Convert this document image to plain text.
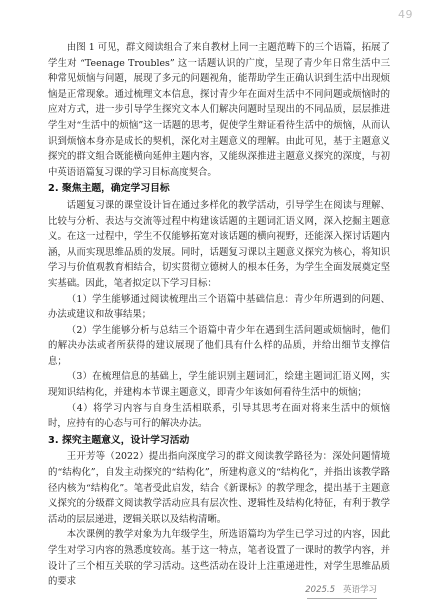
49

由图 1 可见，群文阅读组合了来自教材上同一主题范畴下的三个语篇，拓展了学生对 “Teenage Troubles” 这一话题认识的广度，呈现了青少年日常生活中三种常见烦恼与问题，展现了多元的问题视角，能帮助学生正确认识到生活中出现烦恼是正常现象。通过梳理文本信息，探讨青少年在面对生活中不同问题或烦恼时的应对方式，进一步引导学生探究文本人们解决问题时呈现出的不同品质，层层推进学生对“生活中的烦恼”这一话题的思考，促使学生辩证看待生活中的烦恼，从而认识到烦恼本身亦是成长的契机，深化对主题意义的理解。由此可见，基于主题意义探究的群文组合既能横向延伸主题内容，又能纵深推进主题意义探究的深度，与初中英语语篇复习课的学习目标高度契合。

2. 聚焦主题，确定学习目标

话题复习课的课堂设计旨在通过多样化的教学活动，引导学生在阅读与理解、比较与分析、表达与交流等过程中构建该话题的主题词汇语义网，深入挖掘主题意义。在这一过程中，学生不仅能够拓宽对该话题的横向视野，还能深入探讨话题内涵，从而实现思维品质的发展。同时，话题复习课以主题意义探究为核心，将知识学习与价值观教育相结合，切实贯彻立德树人的根本任务，为学生全面发展奠定坚实基础。因此，笔者拟定以下学习目标：

（1）学生能够通过阅读梳理出三个语篇中基础信息：青少年所遇到的问题、办法或建议和故事结果；

（2）学生能够分析与总结三个语篇中青少年在遇到生活问题或烦恼时，他们的解决办法或者所获得的建议展现了他们具有什么样的品质，并给出细节支撑信息；

（3）在梳理信息的基础上，学生能识别主题词汇，绘建主题词汇语义网，实现知识结构化，并建构本节课主题意义，即青少年该如何看待生活中的烦恼；

（4）将学习内容与自身生活相联系，引导其思考在面对将来生活中的烦恼时，应持有的心态与可行的解决办法。

3. 探究主题意义，设计学习活动

王开芳等（2022）提出指向深度学习的群文阅读教学路径为：深处问题情境的“结构化”，自发主动探究的“结构化”，所建构意义的“结构化”，并指出该教学路径内核为“结构化”。笔者受此启发，结合《新课标》的教学理念，提出基于主题意义探究的分级群文阅读教学活动应具有层次性、逻辑性及结构化特征，有利于教学活动的层层递进，逻辑关联以及结构清晰。

本次课例的教学对象为九年级学生，所选语篇均为学生已学习过的内容，因此学生对学习内容的熟悉度较高。基于这一特点，笔者设置了一课时的教学内容，并设计了三个相互关联的学习活动。这些活动在设计上注重递进性，对学生思维品质的要求

2025.5 英语学习
